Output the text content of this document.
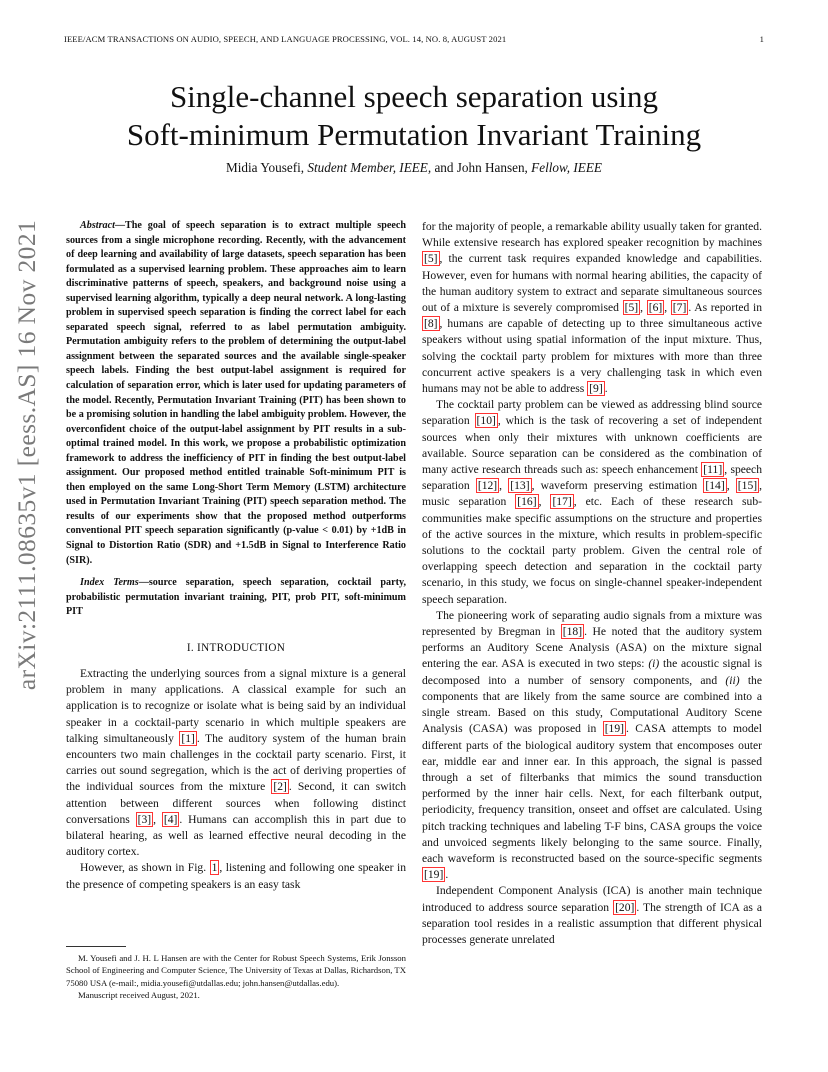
IEEE/ACM TRANSACTIONS ON AUDIO, SPEECH, AND LANGUAGE PROCESSING, VOL. 14, NO. 8, AUGUST 2021	1
arXiv:2111.08635v1 [eess.AS] 16 Nov 2021
Single-channel speech separation using
Soft-minimum Permutation Invariant Training
Midia Yousefi, Student Member, IEEE, and John Hansen, Fellow, IEEE

Abstract—The goal of speech separation is to extract multiple speech sources from a single microphone recording. Recently, with the advancement of deep learning and availability of large datasets, speech separation has been formulated as a supervised learning problem. These approaches aim to learn discriminative patterns of speech, speakers, and background noise using a supervised learning algorithm, typically a deep neural network. A long-lasting problem in supervised speech separation is finding the correct label for each separated speech signal, referred to as label permutation ambiguity. Permutation ambiguity refers to the problem of determining the output-label assignment between the separated sources and the available single-speaker speech labels. Finding the best output-label assignment is required for calculation of separation error, which is later used for updating parameters of the model. Recently, Permutation Invariant Training (PIT) has been shown to be a promising solution in handling the label ambiguity problem. However, the overconfident choice of the output-label assignment by PIT results in a sub-optimal trained model. In this work, we propose a probabilistic optimization framework to address the inefficiency of PIT in finding the best output-label assignment. Our proposed method entitled trainable Soft-minimum PIT is then employed on the same Long-Short Term Memory (LSTM) architecture used in Permutation Invariant Training (PIT) speech separation method. The results of our experiments show that the proposed method outperforms conventional PIT speech separation significantly (p-value < 0.01) by +1dB in Signal to Distortion Ratio (SDR) and +1.5dB in Signal to Interference Ratio (SIR).

Index Terms—source separation, speech separation, cocktail party, probabilistic permutation invariant training, PIT, prob PIT, soft-minimum PIT

I. INTRODUCTION

Extracting the underlying sources from a signal mixture is a general problem in many applications. A classical example for such an application is to recognize or isolate what is being said by an individual speaker in a cocktail-party scenario in which multiple speakers are talking simultaneously [1] . The auditory system of the human brain encounters two main challenges in the cocktail party scenario. First, it carries out sound segregation, which is the act of deriving properties of the individual sources from the mixture [2] . Second, it can switch attention between different sources when following distinct conversations [3] , [4] . Humans can accomplish this in part due to bilateral hearing, as well as learned effective neural decoding in the auditory cortex.

However, as shown in Fig. 1 , listening and following one speaker in the presence of competing speakers is an easy task

M. Yousefi and J. H. L Hansen are with the Center for Robust Speech Systems, Erik Jonsson School of Engineering and Computer Science, The University of Texas at Dallas, Richardson, TX 75080 USA (e-mail:, midia.yousefi@utdallas.edu; john.hansen@utdallas.edu).

Manuscript received August, 2021.

for the majority of people, a remarkable ability usually taken for granted. While extensive research has explored speaker recognition by machines [5] , the current task requires expanded knowledge and capabilities. However, even for humans with normal hearing abilities, the capacity of the human auditory system to extract and separate simultaneous sources out of a mixture is severely compromised [5] , [6] , [7] . As reported in [8] , humans are capable of detecting up to three simultaneous active speakers without using spatial information of the input mixture. Thus, solving the cocktail party problem for mixtures with more than three concurrent active speakers is a very challenging task in which even humans may not be able to address [9] .

The cocktail party problem can be viewed as addressing blind source separation [10] , which is the task of recovering a set of independent sources when only their mixtures with unknown coefficients are available. Source separation can be considered as the combination of many active research threads such as: speech enhancement [11] , speech separation [12] , [13] , waveform preserving estimation [14] , [15] , music separation [16] , [17] , etc. Each of these research sub-communities make specific assumptions on the structure and properties of the active sources in the mixture, which results in problem-specific solutions to the cocktail party problem. Given the central role of overlapping speech detection and separation in the cocktail party scenario, in this study, we focus on single-channel speaker-independent speech separation.

The pioneering work of separating audio signals from a mixture was represented by Bregman in [18] . He noted that the auditory system performs an Auditory Scene Analysis (ASA) on the mixture signal entering the ear. ASA is executed in two steps: (i) the acoustic signal is decomposed into a number of sensory components, and (ii) the components that are likely from the same source are combined into a single stream. Based on this study, Computational Auditory Scene Analysis (CASA) was proposed in [19] . CASA attempts to model different parts of the biological auditory system that encomposes outer ear, middle ear and inner ear. In this approach, the signal is passed through a set of filterbanks that mimics the sound transduction performed by the inner hair cells. Next, for each filterbank output, periodicity, frequency transition, onseet and offset are calculated. Using pitch tracking techniques and labeling T-F bins, CASA groups the voice and unvoiced segments likely belonging to the same source. Finally, each waveform is reconstructed based on the source-specific segments [19] .

Independent Component Analysis (ICA) is another main technique introduced to address source separation [20] . The strength of ICA as a separation tool resides in a realistic assumption that different physical processes generate unrelated
